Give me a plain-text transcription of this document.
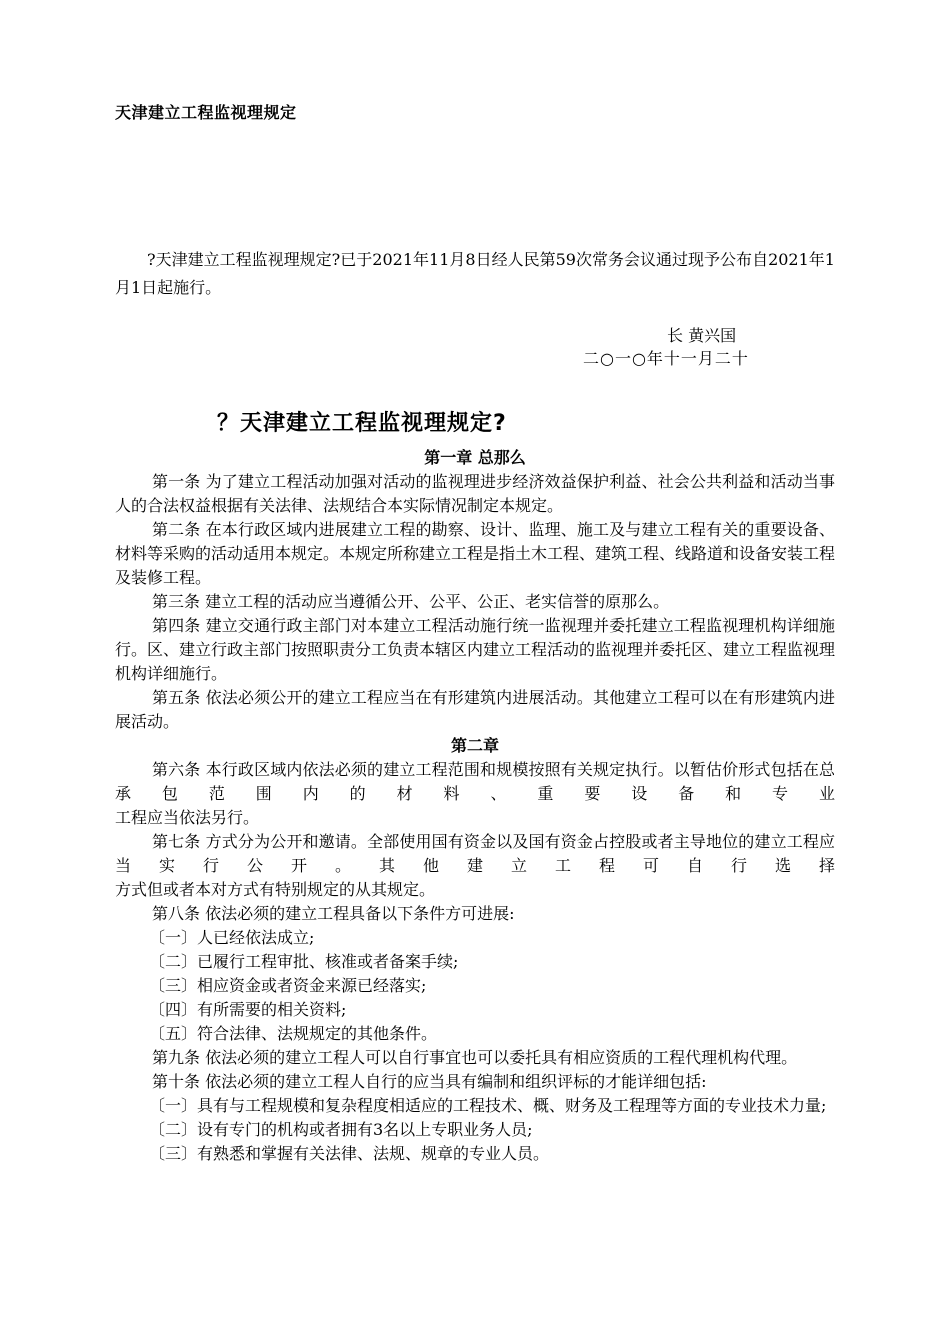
天津建立工程监视理规定
?天津建立工程监视理规定?已于2021年11月8日经人民第59次常务会议通过现予公布自2021年1月1日起施行。
长 黄兴国
二○一○年十一月二十
？天津建立工程监视理规定?

第一章 总那么

第一条 为了建立工程活动加强对活动的监视理进步经济效益保护利益、社会公共利益和活动当事人的合法权益根据有关法律、法规结合本实际情况制定本规定。

第二条 在本行政区域内进展建立工程的勘察、设计、监理、施工及与建立工程有关的重要设备、材料等采购的活动适用本规定。本规定所称建立工程是指土木工程、建筑工程、线路道和设备安装工程及装修工程。

第三条 建立工程的活动应当遵循公开、公平、公正、老实信誉的原那么。

第四条 建立交通行政主部门对本建立工程活动施行统一监视理并委托建立工程监视理机构详细施行。区、建立行政主部门按照职责分工负责本辖区内建立工程活动的监视理并委托区、建立工程监视理机构详细施行。

第五条 依法必须公开的建立工程应当在有形建筑内进展活动。其他建立工程可以在有形建筑内进展活动。

第二章

第六条 本行政区域内依法必须的建立工程范围和规模按照有关规定执行。以暂估价形式包括在总承包范围内的材料、重要设备和专业

工程应当依法另行。

第七条 方式分为公开和邀请。全部使用国有资金以及国有资金占控股或者主导地位的建立工程应当实行公开。其他建立工程可自行选择

方式但或者本对方式有特别规定的从其规定。

第八条 依法必须的建立工程具备以下条件方可进展:

〔一〕人已经依法成立;

〔二〕已履行工程审批、核准或者备案手续;

〔三〕相应资金或者资金来源已经落实;

〔四〕有所需要的相关资料;

〔五〕符合法律、法规规定的其他条件。

第九条 依法必须的建立工程人可以自行事宜也可以委托具有相应资质的工程代理机构代理。

第十条 依法必须的建立工程人自行的应当具有编制和组织评标的才能详细包括:

〔一〕具有与工程规模和复杂程度相适应的工程技术、概、财务及工程理等方面的专业技术力量;

〔二〕设有专门的机构或者拥有3名以上专职业务人员;

〔三〕有熟悉和掌握有关法律、法规、规章的专业人员。
